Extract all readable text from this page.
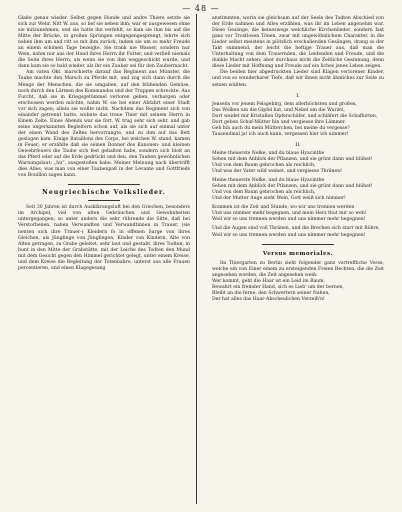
— 48 —

Glaße genau wieder. Selbst gegen Hunde und andre Thiere setzte sie sich zur Wehr. Nitt W. aus, so lief sie neben ihm; war er ausgewesen ohne sie mitzunehmen, und sie hatte ihn verfehlt, so kam sie ihm bis auf die Mitte der Brücke, in großen Sprüngen entgegengesprengt, lehrte sich neben ihm um und ritt so mit ihm zurück, indem sie um so mehr Freude an einem schönen Tage bezeigte. Sie trank nie Wasser, sondern nur Wein, nahm nur aus der Hand ihres Herrn ihr Futter, und verließ niemals die Seite ihres Herrn, als wenn sie von ihm weggeschickt wurde, und dann kam sie so bald wieder, als ihr ein Zauber sei für den Zaubermacht.

Am vaten Okt. marschierte darauf das Regiment aus Münster, die Taube machte den Marsch zu Pferde mit, und zog sich dann durch die Menge der Menschen, die sie umgaben, auf den blühenden Gemüse, noch durch den Lärmen des Kommandos und der Truppen schreckte. Aus Furcht, daß sie in Kriegsgetümmel verloren gehen, verbargen oder erschossen werden möchte, nahm W. sie bei einer Abfahrt einer Stadt vor sich zagen; allein sie wollte nicht. Nachdem das Regiment sich von einander getrennt hatte, wohnte das treue Thier mit seinem Herrn in Einem Zelte. Eines Abends war sie fort. W. trug sehr sich sehr, und gab seine ungerkannten Begleitern schon auf, als sie sich auf einmal unter der einen Wand des Zeltes hervorrangte, und zu ihm auf das Bett geslogen kam. Einige Bataillons des Corps, bei welchen W. stand, kamen in Feuer; er erzählte daß sie seinen Donner des Kanonen- und kleinen Gewehrfeuers die Taube sich fest gehalten habe, sondern sich bloß an das Pferd oder auf die Erde gedrückt und den, den Tauben gewöhnlichen Warnungslaut: „hu“, ausgestoßen habe. Meiner Meinung nach übertrifft dies Alles, was man von einer Taubenpaß in der Levante und Gottfrieds von Bouillon sagen kann.

Neugriechische Volkslieder.

Seit 30 Jahren ist durch Ausklärungsluft bei den Griechen, besonders im Archipel, viel von alten Gebräuchen und Gewohnheiten untergegangen; so unter andern die sehr rührende die Sitte, daß bei Verstorbenen, nahen Verwandten und Verwandtinnen in Trauer, (sie nenten sich ihre Trauer-) Kleidern fo in offenen Sarge von ihres Gleichen, als Jünglinge von Jünglingen, Kinder von Kindern, Alte von Alten getragen, zu Grabe geleitet, sehr laut und gestabt, ihres Todten, in bunt in den Mitte der Grabstätte, mit der Leiche des Todten den Mund mit dem Gesicht gegen den Himmel gerichtet gelegt, unter einem Kreise, und dem Kreise die Begleitung der Totenbahre, unterst aus alle Frauen percentieren, und einen Klagegesang

anstimmten, worin sie gleichsam auf der Seele des Todten Abschied von der Erde nahmen und Alles erzählen, was ihr im Leben angenehm war. Diese Gesänge, die keineswegs weichliche Kirchenlieder, sondern fast ganz vor Trostlosen Tönen, zwar mit ungewöhnlichem Charakter, in die Lieder selbst meistens in plötzlich erschallenden Gesängen, drang so der Takt summend, der leicht die heftige Trauer aus, daß man die Unterhaltung von dem Trauernden, die Leidenden und Freude, und die dunkle Macht sehen; aber durchaus nicht die Zeitliche Gesinnung, denn diese Lieder mit Hoffnung und Freude auf ein liches jenes Leben zeigen.

Die beiden hier abgedruckten Lieder sind Klagen verlorener Kinder, und von so wunderbarer Tiefe, daß wir ihnen nicht ähnliches zur Seite zu setzen wüßten.

I.

Jenseits vor jenem Felsgebirg, dem allerhöchsten und großen,

Das Wolken um die Gipfel hat, und Nebel um die Wurzel,

Dort weidet mir Kristallen Opferschäfer, und schläfert die Schafhirten,

Dort geben Schaf-Mütter hin und vergiesse ihre Lämmer.

Geh hin auch du mein Mütterchen, bei meine du vergesse?

Tausendmal ja! ich auch kann, vergessen hier ich nimmer!

II.

Meine theuerste Nelke, und du blaue Hyacinthe

Sehen mit dem Anblick der Pflanzen, und sie grünt dann und blühet!

Und von dem Baum gebrochen als reichlich,

Und was der Vater wild weinet, und vergiesse Thränen!

Meine theuerste Nelke, und du blaue Hyacinthe

Sehen mit dem Anblick der Pflanzen, und sie grünt dann und blühet!

Und von dem Baum gebrochen als reichlich,

Und der Mutter Auge sieht Wein, Gott weiß sich nimmer!

Kommen ist die Zeit und Stunde, wo wir uns trennen werden

Und uns nimmer mehr begegnen, und mein Herz thut mir so weh!

Weil wir so uns trennen werden und uns nimmer mehr begegnen!

Und die Augen sind voll Thränen, und die Brechen sich starr mit Röhre,

Weil wir so uns trennen werden und uns nimmer mehr begegnen!

Versus memoriales.

Im Thiergarten zu Berlin sieht folgender ganz vortreffliche Verse, welche ein von Einer einem zu ersteigenden Freien Rechten, die die Zeit angesehen worden, die Zeit angesehen weiß:

Wer kommt, geht die Haar ist ein Leid im Baum,

Bewahrt ein fremder Hand, sich es Lieb' um der bernen,

Bleibt an die ferne, den Schwertern seiner Nahen,

Der hat alles das Haar-Abscheulichen Verzeih'n!
